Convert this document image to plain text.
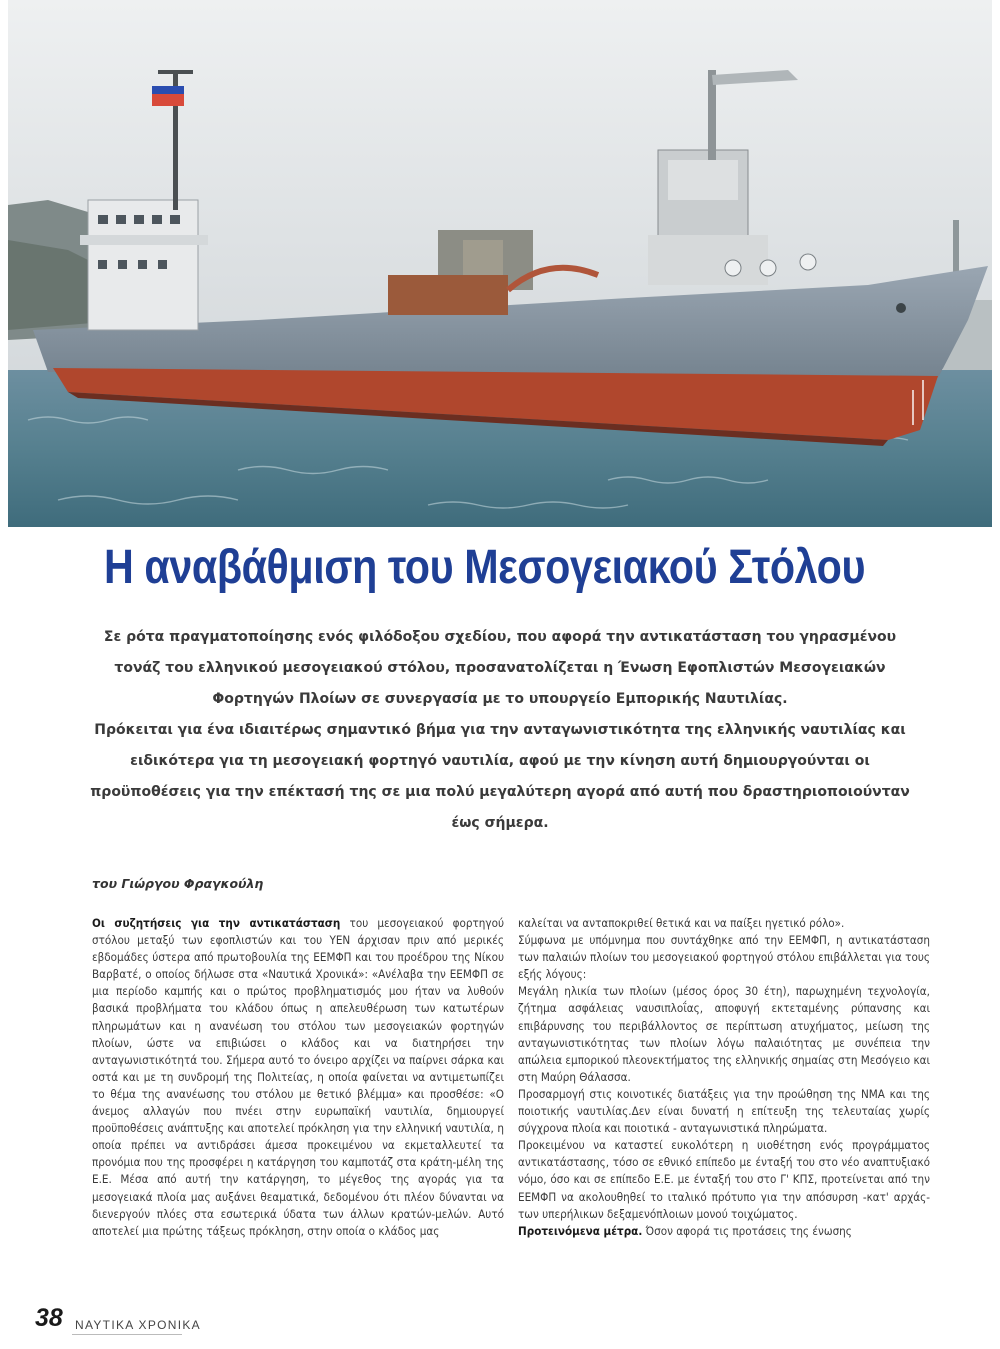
Η αναβάθμιση του Μεσογειακού Στόλου

Σε ρότα πραγματοποίησης ενός φιλόδοξου σχεδίου, που αφορά την αντικατάσταση του γηρασμένου τονάζ του ελληνικού μεσογειακού στόλου, προσανατολίζεται η Ένωση Εφοπλιστών Μεσογειακών Φορτηγών Πλοίων σε συνεργασία με το υπουργείο Εμπορικής Ναυτιλίας.

Πρόκειται για ένα ιδιαιτέρως σημαντικό βήμα για την ανταγωνιστικότητα της ελληνικής ναυτιλίας και ειδικότερα για τη μεσογειακή φορτηγό ναυτιλία, αφού με την κίνηση αυτή δημιουργούνται οι προϋποθέσεις για την επέκτασή της σε μια πολύ μεγαλύτερη αγορά από αυτή που δραστηριοποιούνταν έως σήμερα.

του Γιώργου Φραγκούλη

Οι συζητήσεις για την αντικατάσταση του μεσογειακού φορτηγού στόλου μεταξύ των εφοπλιστών και του ΥΕΝ άρχισαν πριν από μερικές εβδομάδες ύστερα από πρωτοβουλία της ΕΕΜΦΠ και του προέδρου της Νίκου Βαρβατέ, ο οποίος δήλωσε στα «Ναυτικά Χρονικά»: «Ανέλαβα την ΕΕΜΦΠ σε μια περίοδο καμπής και ο πρώτος προβληματισμός μου ήταν να λυθούν βασικά προβλήματα του κλάδου όπως η απελευθέρωση των κατωτέρων πληρωμάτων και η ανανέωση του στόλου των μεσογειακών φορτηγών πλοίων, ώστε να επιβιώσει ο κλάδος και να διατηρήσει την ανταγωνιστικότητά του. Σήμερα αυτό το όνειρο αρχίζει να παίρνει σάρκα και οστά και με τη συνδρομή της Πολιτείας, η οποία φαίνεται να αντιμετωπίζει το θέμα της ανανέωσης του στόλου με θετικό βλέμμα» και προσθέσε: «Ο άνεμος αλλαγών που πνέει στην ευρωπαϊκή ναυτιλία, δημιουργεί προϋποθέσεις ανάπτυξης και αποτελεί πρόκληση για την ελληνική ναυτιλία, η οποία πρέπει να αντιδράσει άμεσα προκειμένου να εκμεταλλευτεί τα προνόμια που της προσφέρει η κατάργηση του καμποτάζ στα κράτη-μέλη της Ε.Ε. Μέσα από αυτή την κατάργηση, το μέγεθος της αγοράς για τα μεσογειακά πλοία μας αυξάνει θεαματικά, δεδομένου ότι πλέον δύνανται να διενεργούν πλόες στα εσωτερικά ύδατα των άλλων κρατών-μελών. Αυτό αποτελεί μια πρώτης τάξεως πρόκληση, στην οποία ο κλάδος μας

καλείται να ανταποκριθεί θετικά και να παίξει ηγετικό ρόλο».

Σύμφωνα με υπόμνημα που συντάχθηκε από την ΕΕΜΦΠ, η αντικατάσταση των παλαιών πλοίων του μεσογειακού φορτηγού στόλου επιβάλλεται για τους εξής λόγους:

Μεγάλη ηλικία των πλοίων (μέσος όρος 30 έτη), παρωχημένη τεχνολογία, ζήτημα ασφάλειας ναυσιπλοΐας, αποφυγή εκτεταμένης ρύπανσης και επιβάρυνσης του περιβάλλοντος σε περίπτωση ατυχήματος, μείωση της ανταγωνιστικότητας των πλοίων λόγω παλαιότητας με συνέπεια την απώλεια εμπορικού πλεονεκτήματος της ελληνικής σημαίας στη Μεσόγειο και στη Μαύρη Θάλασσα.

Προσαρμογή στις κοινοτικές διατάξεις για την προώθηση της ΝΜΑ και της ποιοτικής ναυτιλίας.Δεν είναι δυνατή η επίτευξη της τελευταίας χωρίς σύγχρονα πλοία και ποιοτικά - ανταγωνιστικά πληρώματα.

Προκειμένου να καταστεί ευκολότερη η υιοθέτηση ενός προγράμματος αντικατάστασης, τόσο σε εθνικό επίπεδο με ένταξή του στο νέο αναπτυξιακό νόμο, όσο και σε επίπεδο Ε.Ε. με ένταξή του στο Γ' ΚΠΣ, προτείνεται από την ΕΕΜΦΠ να ακολουθηθεί το ιταλικό πρότυπο για την απόσυρση -κατ' αρχάς- των υπερήλικων δεξαμενόπλοιων μονού τοιχώματος.

Προτεινόμενα μέτρα. Όσον αφορά τις προτάσεις της ένωσης

38 ΝΑΥΤΙΚΑ ΧΡΟΝΙΚΑ
